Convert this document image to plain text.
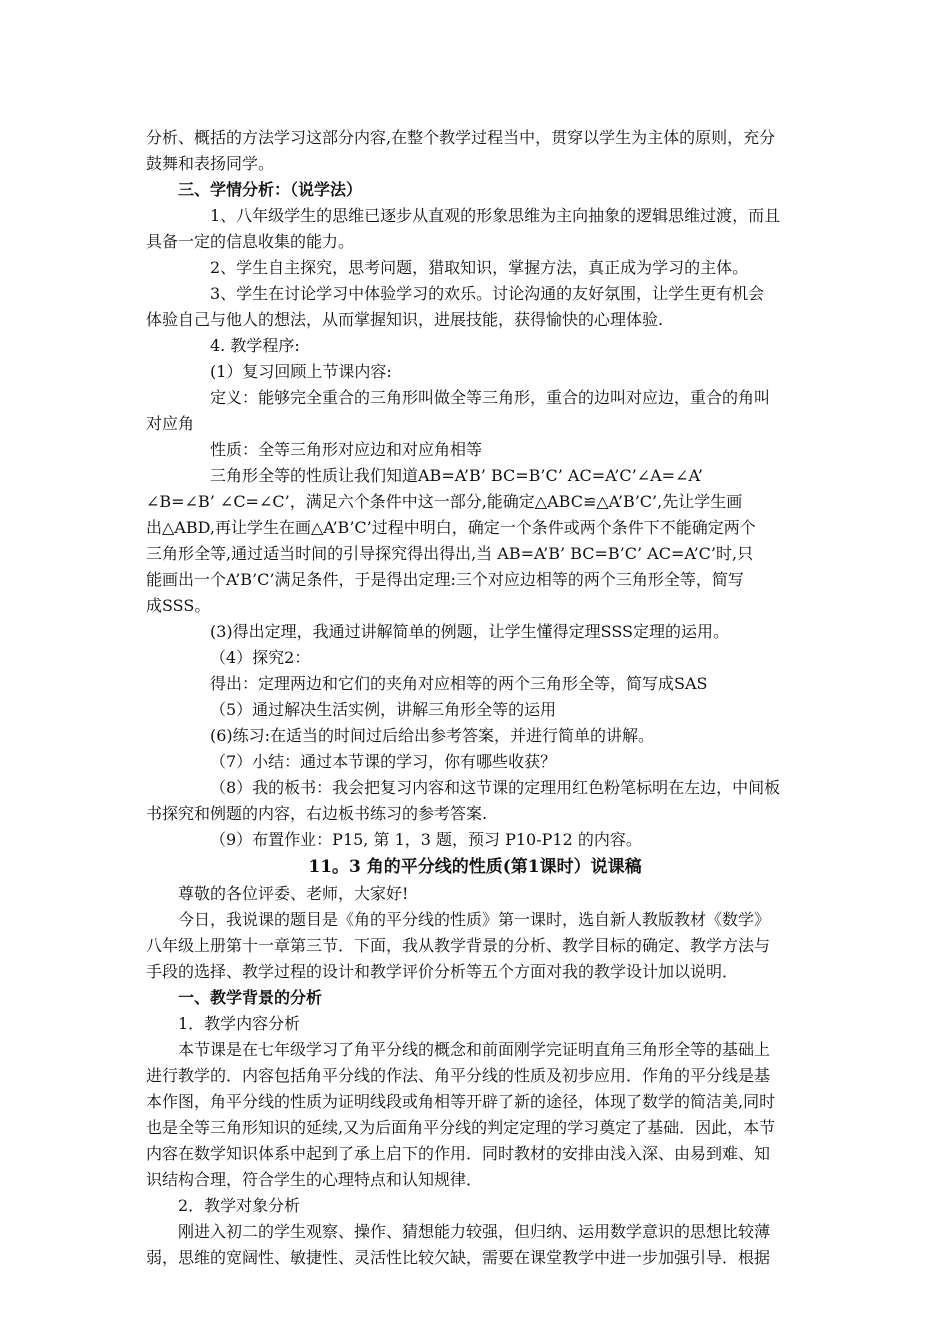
分析、概括的方法学习这部分内容,在整个教学过程当中，贯穿以学生为主体的原则，充分
鼓舞和表扬同学。
三、学情分析：（说学法）
1、八年级学生的思维已逐步从直观的形象思维为主向抽象的逻辑思维过渡，而且
具备一定的信息收集的能力。
2、学生自主探究，思考问题，猎取知识，掌握方法，真正成为学习的主体。
3、学生在讨论学习中体验学习的欢乐。讨论沟通的友好氛围，让学生更有机会
体验自己与他人的想法，从而掌握知识，进展技能，获得愉快的心理体验.
4. 教学程序:
(1）复习回顾上节课内容:
定义：能够完全重合的三角形叫做全等三角形，重合的边叫对应边，重合的角叫
对应角
性质：全等三角形对应边和对应角相等
三角形全等的性质让我们知道AB=A’B’ BC=B’C’ AC=A’C’∠A=∠A’
∠B=∠B’ ∠C=∠C’，满足六个条件中这一部分,能确定△ABC≌△A’B’C’,先让学生画
出△ABD,再让学生在画△A’B’C’过程中明白，确定一个条件或两个条件下不能确定两个
三角形全等,通过适当时间的引导探究得出得出,当 AB=A’B’ BC=B’C’ AC=A’C’时,只
能画出一个A’B’C’满足条件，于是得出定理:三个对应边相等的两个三角形全等，简写
成SSS。
(3)得出定理，我通过讲解简单的例题，让学生懂得定理SSS定理的运用。
（4）探究2：
得出：定理两边和它们的夹角对应相等的两个三角形全等，简写成SAS
（5）通过解决生活实例，讲解三角形全等的运用
(6)练习:在适当的时间过后给出参考答案，并进行简单的讲解。
（7）小结：通过本节课的学习，你有哪些收获？
（8）我的板书：我会把复习内容和这节课的定理用红色粉笔标明在左边，中间板
书探究和例题的内容，右边板书练习的参考答案.
（9）布置作业：P15, 第 1，3 题，预习 P10-P12 的内容。
11。3 角的平分线的性质(第1课时）说课稿
尊敬的各位评委、老师，大家好!
今日，我说课的题目是《角的平分线的性质》第一课时，选自新人教版教材《数学》
八年级上册第十一章第三节．下面，我从教学背景的分析、教学目标的确定、教学方法与
手段的选择、教学过程的设计和教学评价分析等五个方面对我的教学设计加以说明．
一、教学背景的分析
1．教学内容分析
本节课是在七年级学习了角平分线的概念和前面刚学完证明直角三角形全等的基础上
进行教学的．内容包括角平分线的作法、角平分线的性质及初步应用．作角的平分线是基
本作图，角平分线的性质为证明线段或角相等开辟了新的途径，体现了数学的简洁美,同时
也是全等三角形知识的延续,又为后面角平分线的判定定理的学习奠定了基础．因此，本节
内容在数学知识体系中起到了承上启下的作用．同时教材的安排由浅入深、由易到难、知
识结构合理，符合学生的心理特点和认知规律．
2．教学对象分析
刚进入初二的学生观察、操作、猜想能力较强，但归纳、运用数学意识的思想比较薄
弱，思维的宽阔性、敏捷性、灵活性比较欠缺，需要在课堂教学中进一步加强引导．根据
